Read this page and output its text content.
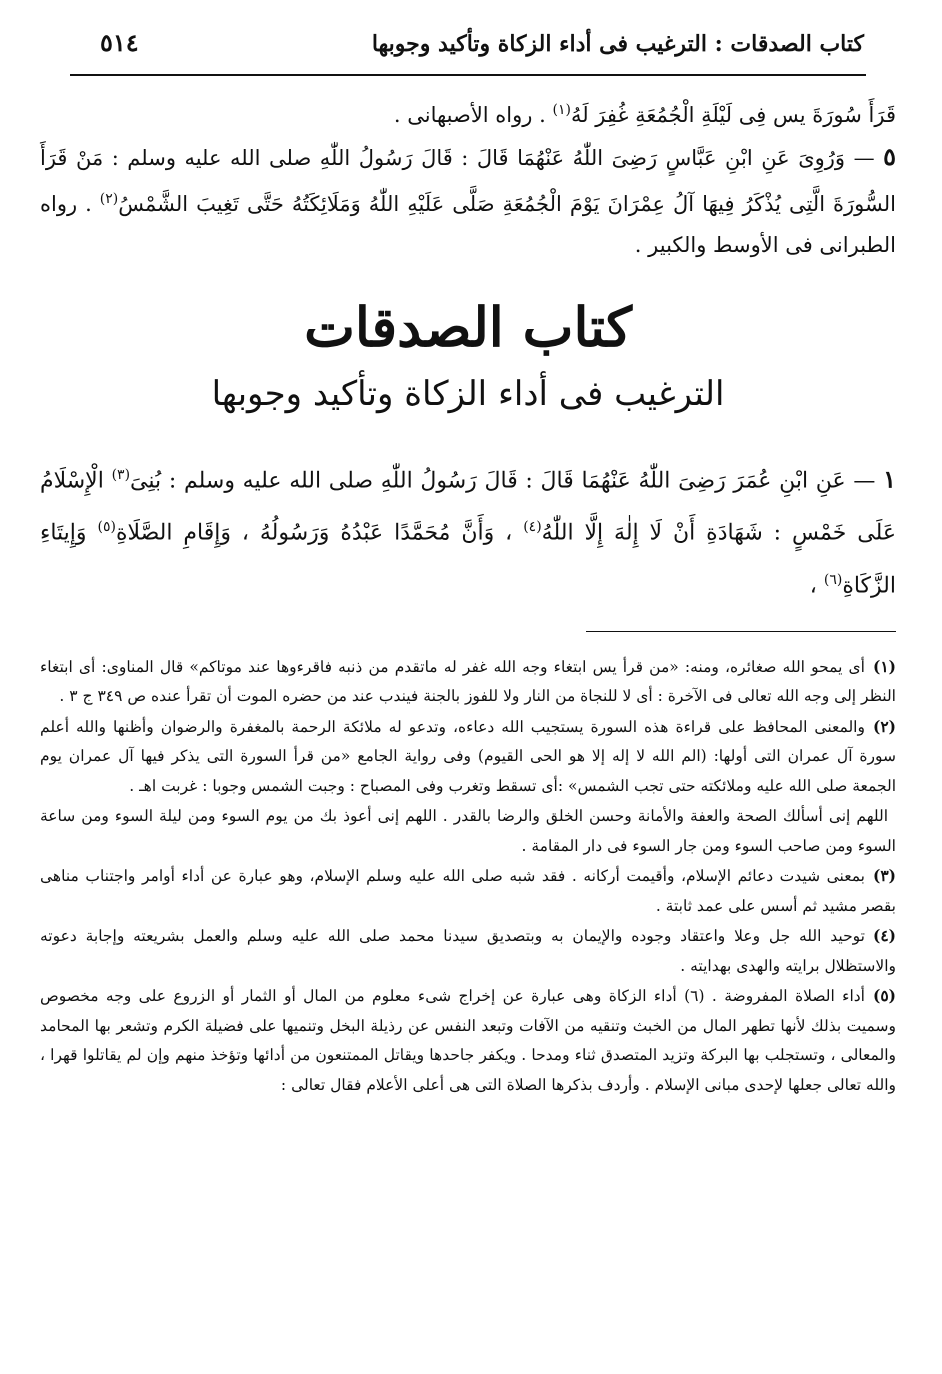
كتاب الصدقات : الترغيب فى أداء الزكاة وتأكيد وجوبها
٥١٤

قَرَأَ سُورَةَ يس فِى لَيْلَةِ الْجُمُعَةِ غُفِرَ لَهُ$^{(١)}$ . رواه الأصبهانى .

٥ — وَرُوِىَ عَنِ ابْنِ عَبَّاسٍ رَضِىَ اللّٰهُ عَنْهُمَا قَالَ : قَالَ رَسُولُ اللّٰهِ صلى الله عليه وسلم : مَنْ قَرَأَ السُّورَةَ الَّتِى يُذْكَرُ فِيهَا آلُ عِمْرَانَ يَوْمَ الْجُمُعَةِ صَلَّى عَلَيْهِ اللّٰهُ وَمَلَائِكَتُهُ حَتَّى تَغِيبَ الشَّمْسُ$^{(٢)}$ . رواه الطبرانى فى الأوسط والكبير .

كتاب الصدقات
الترغيب فى أداء الزكاة وتأكيد وجوبها

١ — عَنِ ابْنِ عُمَرَ رَضِىَ اللّٰهُ عَنْهُمَا قَالَ : قَالَ رَسُولُ اللّٰهِ صلى الله عليه وسلم : بُنِىَ$^{(٣)}$ الْإِسْلَامُ عَلَى خَمْسٍ : شَهَادَةِ أَنْ لَا إِلٰهَ إِلَّا اللّٰهُ$^{(٤)}$ ، وَأَنَّ مُحَمَّدًا عَبْدُهُ وَرَسُولُهُ ، وَإِقَامِ الصَّلَاةِ$^{(٥)}$ وَإِيتَاءِ الزَّكَاةِ$^{(٦)}$ ،

(١)أى يمحو الله صغائره، ومنه: «من قرأ يس ابتغاء وجه الله غفر له ماتقدم من ذنبه فاقرءوها عند موتاكم» قال المناوى: أى ابتغاء النظر إلى وجه الله تعالى فى الآخرة : أى لا للنجاة من النار ولا للفوز بالجنة فيندب عند من حضره الموت أن تقرأ عنده ص ٣٤٩ ج ٣ .

(٢)والمعنى المحافظ على قراءة هذه السورة يستجيب الله دعاءه، وتدعو له ملائكة الرحمة بالمغفرة والرضوان وأظنها والله أعلم سورة آل عمران التى أولها: (الم الله لا إله إلا هو الحى القيوم) وفى رواية الجامع «من قرأ السورة التى يذكر فيها آل عمران يوم الجمعة صلى الله عليه وملائكته حتى تجب الشمس» :أى تسقط وتغرب وفى المصباح : وجبت الشمس وجوبا : غربت اهـ .

اللهم إنى أسألك الصحة والعفة والأمانة وحسن الخلق والرضا بالقدر . اللهم إنى أعوذ بك من يوم السوء ومن ليلة السوء ومن ساعة السوء ومن صاحب السوء ومن جار السوء فى دار المقامة .

(٣)بمعنى شيدت دعائم الإسلام، وأقيمت أركانه . فقد شبه صلى الله عليه وسلم الإسلام، وهو عبارة عن أداء أوامر واجتناب مناهى بقصر مشيد ثم أسس على عمد ثابتة .

(٤)توحيد الله جل وعلا واعتقاد وجوده والإيمان به وبتصديق سيدنا محمد صلى الله عليه وسلم والعمل بشريعته وإجابة دعوته والاستظلال برايته والهدى بهدايته .

(٥)أداء الصلاة المفروضة . (٦) أداء الزكاة وهى عبارة عن إخراج شىء معلوم من المال أو الثمار أو الزروع على وجه مخصوص وسميت بذلك لأنها تطهر المال من الخبث وتنقيه من الآفات وتبعد النفس عن رذيلة البخل وتنميها على فضيلة الكرم وتشعر بها المحامد والمعالى ، وتستجلب بها البركة وتزيد المتصدق ثناء ومدحا . ويكفر جاحدها ويقاتل الممتنعون من أدائها وتؤخذ منهم وإن لم يقاتلوا قهرا ، والله تعالى جعلها لإحدى مبانى الإسلام . وأردف بذكرها الصلاة التى هى أعلى الأعلام فقال تعالى :
